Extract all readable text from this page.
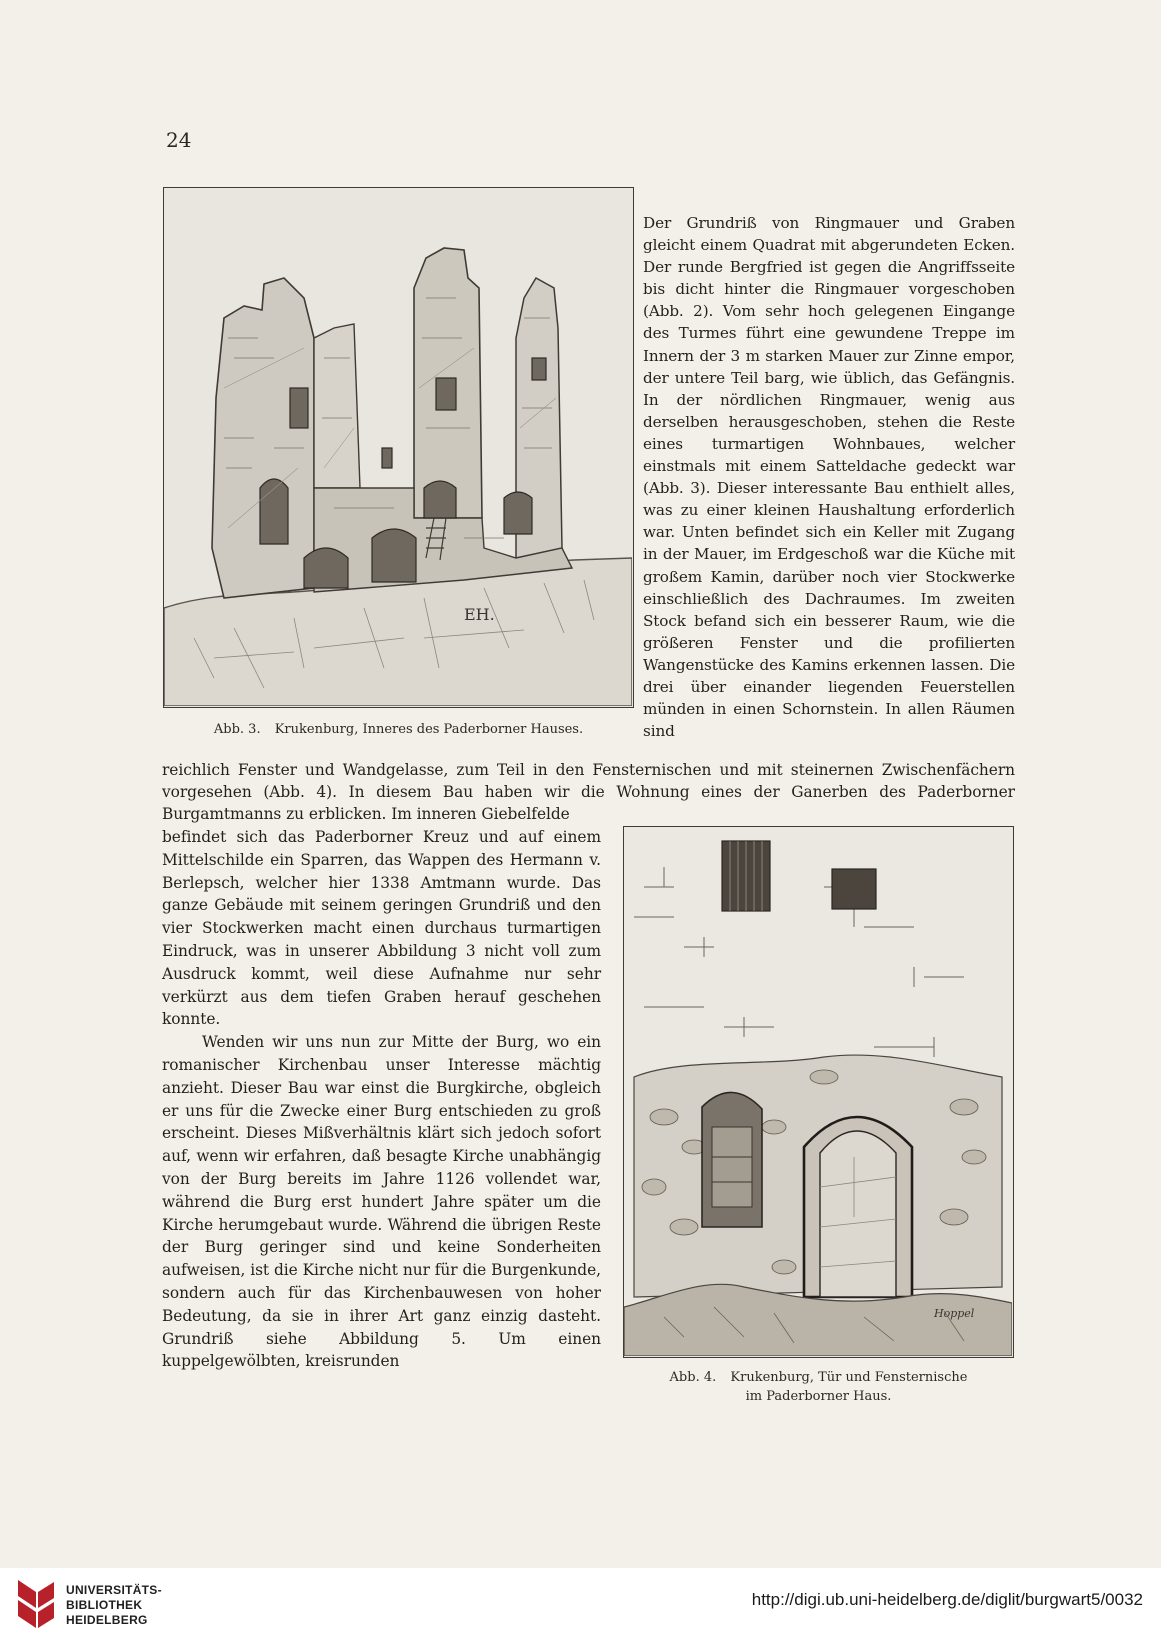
24
EH.
Abb. 3. Krukenburg, Inneres des Paderborner Hauses.

Der Grundriß von Ringmauer und Graben gleicht einem Quadrat mit abgerundeten Ecken. Der runde Bergfried ist gegen die Angriffsseite bis dicht hinter die Ringmauer vorgeschoben (Abb. 2). Vom sehr hoch gelegenen Eingange des Turmes führt eine gewundene Treppe im Innern der 3 m starken Mauer zur Zinne empor, der untere Teil barg, wie üblich, das Gefängnis. In der nördlichen Ringmauer, wenig aus derselben herausgeschoben, stehen die Reste eines turmartigen Wohnbaues, welcher einstmals mit einem Satteldache gedeckt war (Abb. 3). Dieser interessante Bau enthielt alles, was zu einer kleinen Haushaltung erforderlich war. Unten befindet sich ein Keller mit Zugang in der Mauer, im Erdgeschoß war die Küche mit großem Kamin, darüber noch vier Stockwerke einschließlich des Dachraumes. Im zweiten Stock befand sich ein besserer Raum, wie die größeren Fenster und die profilierten Wangenstücke des Kamins erkennen lassen. Die drei über einander liegenden Feuerstellen münden in einen Schornstein. In allen Räumen sind

reichlich Fenster und Wandgelasse, zum Teil in den Fensternischen und mit steinernen Zwischenfächern vorgesehen (Abb. 4). In diesem Bau haben wir die Wohnung eines der Ganerben des Paderborner Burgamtmanns zu erblicken. Im inneren Giebelfelde

befindet sich das Paderborner Kreuz und auf einem Mittelschilde ein Sparren, das Wappen des Hermann v. Berlepsch, welcher hier 1338 Amtmann wurde. Das ganze Gebäude mit seinem geringen Grundriß und den vier Stockwerken macht einen durchaus turmartigen Eindruck, was in unserer Abbildung 3 nicht voll zum Ausdruck kommt, weil diese Aufnahme nur sehr verkürzt aus dem tiefen Graben herauf geschehen konnte.

Wenden wir uns nun zur Mitte der Burg, wo ein romanischer Kirchenbau unser Interesse mächtig anzieht. Dieser Bau war einst die Burgkirche, obgleich er uns für die Zwecke einer Burg entschieden zu groß erscheint. Dieses Mißverhältnis klärt sich jedoch sofort auf, wenn wir erfahren, daß besagte Kirche unabhängig von der Burg bereits im Jahre 1126 vollendet war, während die Burg erst hundert Jahre später um die Kirche herumgebaut wurde. Während die übrigen Reste der Burg geringer sind und keine Sonderheiten aufweisen, ist die Kirche nicht nur für die Burgenkunde, sondern auch für das Kirchenbauwesen von hoher Bedeutung, da sie in ihrer Art ganz einzig dasteht. Grundriß siehe Abbildung 5. Um einen kuppelgewölbten, kreisrunden

Hoppel
Abb. 4. Krukenburg, Tür und Fensternische
im Paderborner Haus.
UNIVERSITÄTS-
BIBLIOTHEK
HEIDELBERG
http://digi.ub.uni-heidelberg.de/diglit/burgwart5/0032
